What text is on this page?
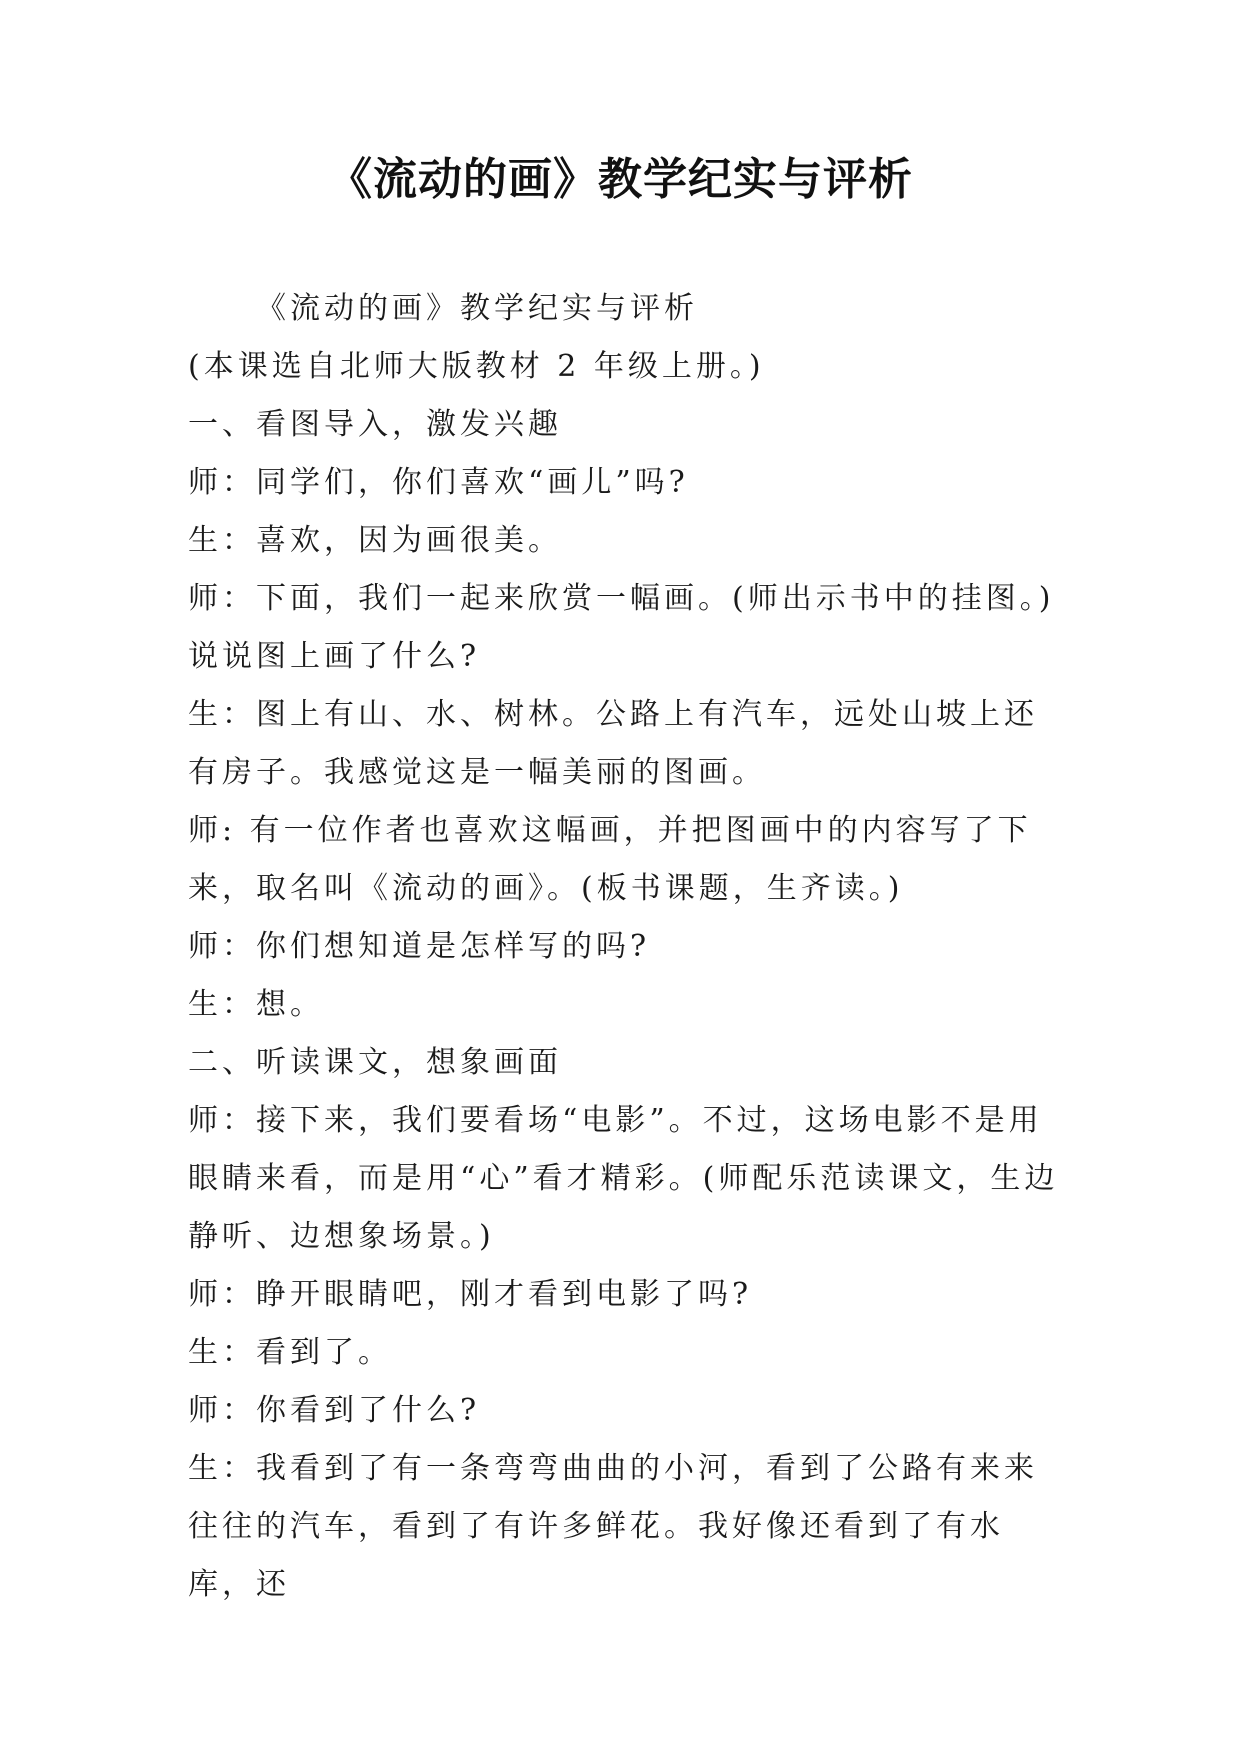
《流动的画》教学纪实与评析

《流动的画》教学纪实与评析

(本课选自北师大版教材 2 年级上册。)

一、看图导入，激发兴趣

师：同学们，你们喜欢“画儿”吗?

生：喜欢，因为画很美。

师：下面，我们一起来欣赏一幅画。(师出示书中的挂图。)说说图上画了什么?

生：图上有山、水、树林。公路上有汽车，远处山坡上还有房子。我感觉这是一幅美丽的图画。

师: 有一位作者也喜欢这幅画，并把图画中的内容写了下来，取名叫《流动的画》。(板书课题，生齐读。)

师：你们想知道是怎样写的吗?

生：想。

二、听读课文，想象画面

师：接下来，我们要看场“电影”。不过，这场电影不是用眼睛来看，而是用“心”看才精彩。(师配乐范读课文，生边静听、边想象场景。)

师：睁开眼睛吧，刚才看到电影了吗?

生：看到了。

师：你看到了什么?

生：我看到了有一条弯弯曲曲的小河，看到了公路有来来往往的汽车，看到了有许多鲜花。我好像还看到了有水库，还
